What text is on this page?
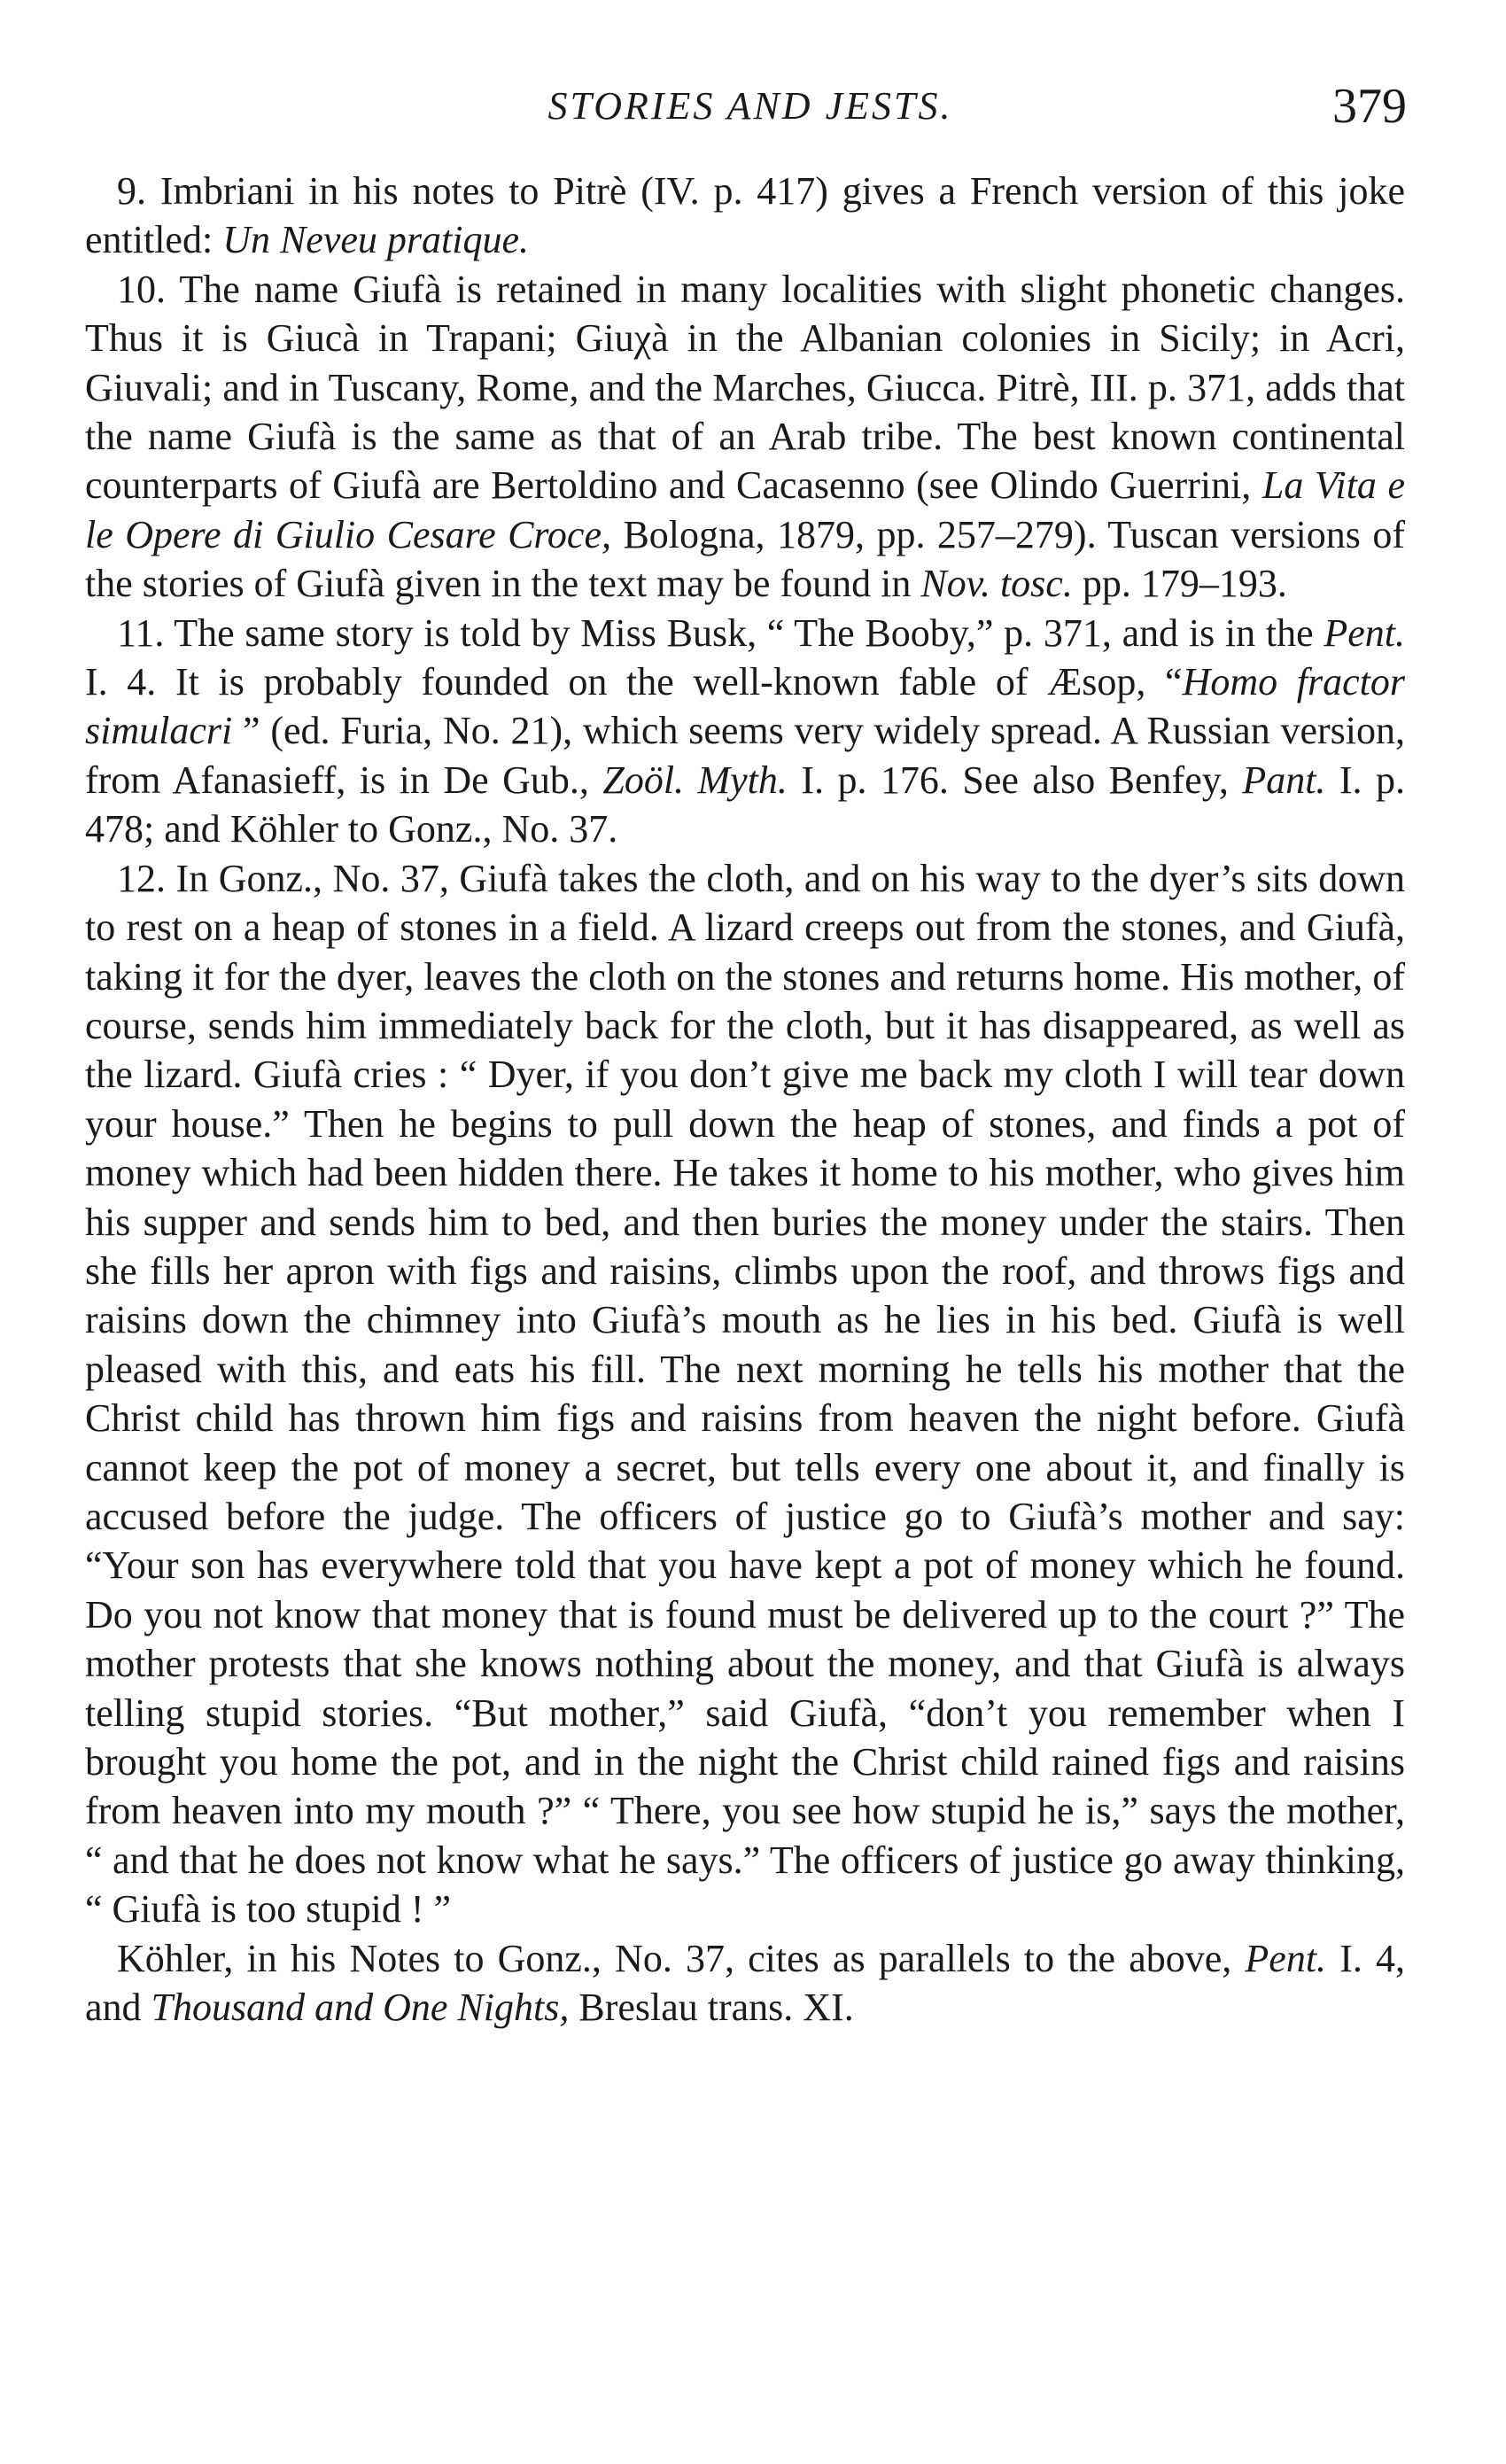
STORIES AND JESTS.	379

9. Imbriani in his notes to Pitrè (IV. p. 417) gives a French version of this joke entitled: Un Neveu pratique.

10. The name Giufà is retained in many localities with slight phonetic changes. Thus it is Giucà in Trapani; Giuχà in the Albanian colonies in Sicily; in Acri, Giuvali; and in Tuscany, Rome, and the Marches, Giucca. Pitrè, III. p. 371, adds that the name Giufà is the same as that of an Arab tribe. The best known continental counterparts of Giufà are Bertoldino and Cacasenno (see Olindo Guerrini, La Vita e le Opere di Giulio Cesare Croce, Bologna, 1879, pp. 257–279). Tuscan versions of the stories of Giufà given in the text may be found in Nov. tosc. pp. 179–193.

11. The same story is told by Miss Busk, “ The Booby,” p. 371, and is in the Pent. I. 4. It is probably founded on the well-known fable of Æsop, “Homo fractor simulacri ” (ed. Furia, No. 21), which seems very widely spread. A Russian version, from Afanasieff, is in De Gub., Zoöl. Myth. I. p. 176. See also Benfey, Pant. I. p. 478; and Köhler to Gonz., No. 37.

12. In Gonz., No. 37, Giufà takes the cloth, and on his way to the dyer’s sits down to rest on a heap of stones in a field. A lizard creeps out from the stones, and Giufà, taking it for the dyer, leaves the cloth on the stones and returns home. His mother, of course, sends him immediately back for the cloth, but it has disappeared, as well as the lizard. Giufà cries : “ Dyer, if you don’t give me back my cloth I will tear down your house.” Then he begins to pull down the heap of stones, and finds a pot of money which had been hidden there. He takes it home to his mother, who gives him his supper and sends him to bed, and then buries the money under the stairs. Then she fills her apron with figs and raisins, climbs upon the roof, and throws figs and raisins down the chimney into Giufà’s mouth as he lies in his bed. Giufà is well pleased with this, and eats his fill. The next morning he tells his mother that the Christ child has thrown him figs and raisins from heaven the night before. Giufà cannot keep the pot of money a secret, but tells every one about it, and finally is accused before the judge. The officers of justice go to Giufà’s mother and say: “Your son has everywhere told that you have kept a pot of money which he found. Do you not know that money that is found must be delivered up to the court ?” The mother protests that she knows nothing about the money, and that Giufà is always telling stupid stories. “But mother,” said Giufà, “don’t you remember when I brought you home the pot, and in the night the Christ child rained figs and raisins from heaven into my mouth ?” “ There, you see how stupid he is,” says the mother, “ and that he does not know what he says.” The officers of justice go away thinking, “ Giufà is too stupid ! ”

Köhler, in his Notes to Gonz., No. 37, cites as parallels to the above, Pent. I. 4, and Thousand and One Nights, Breslau trans. XI.
